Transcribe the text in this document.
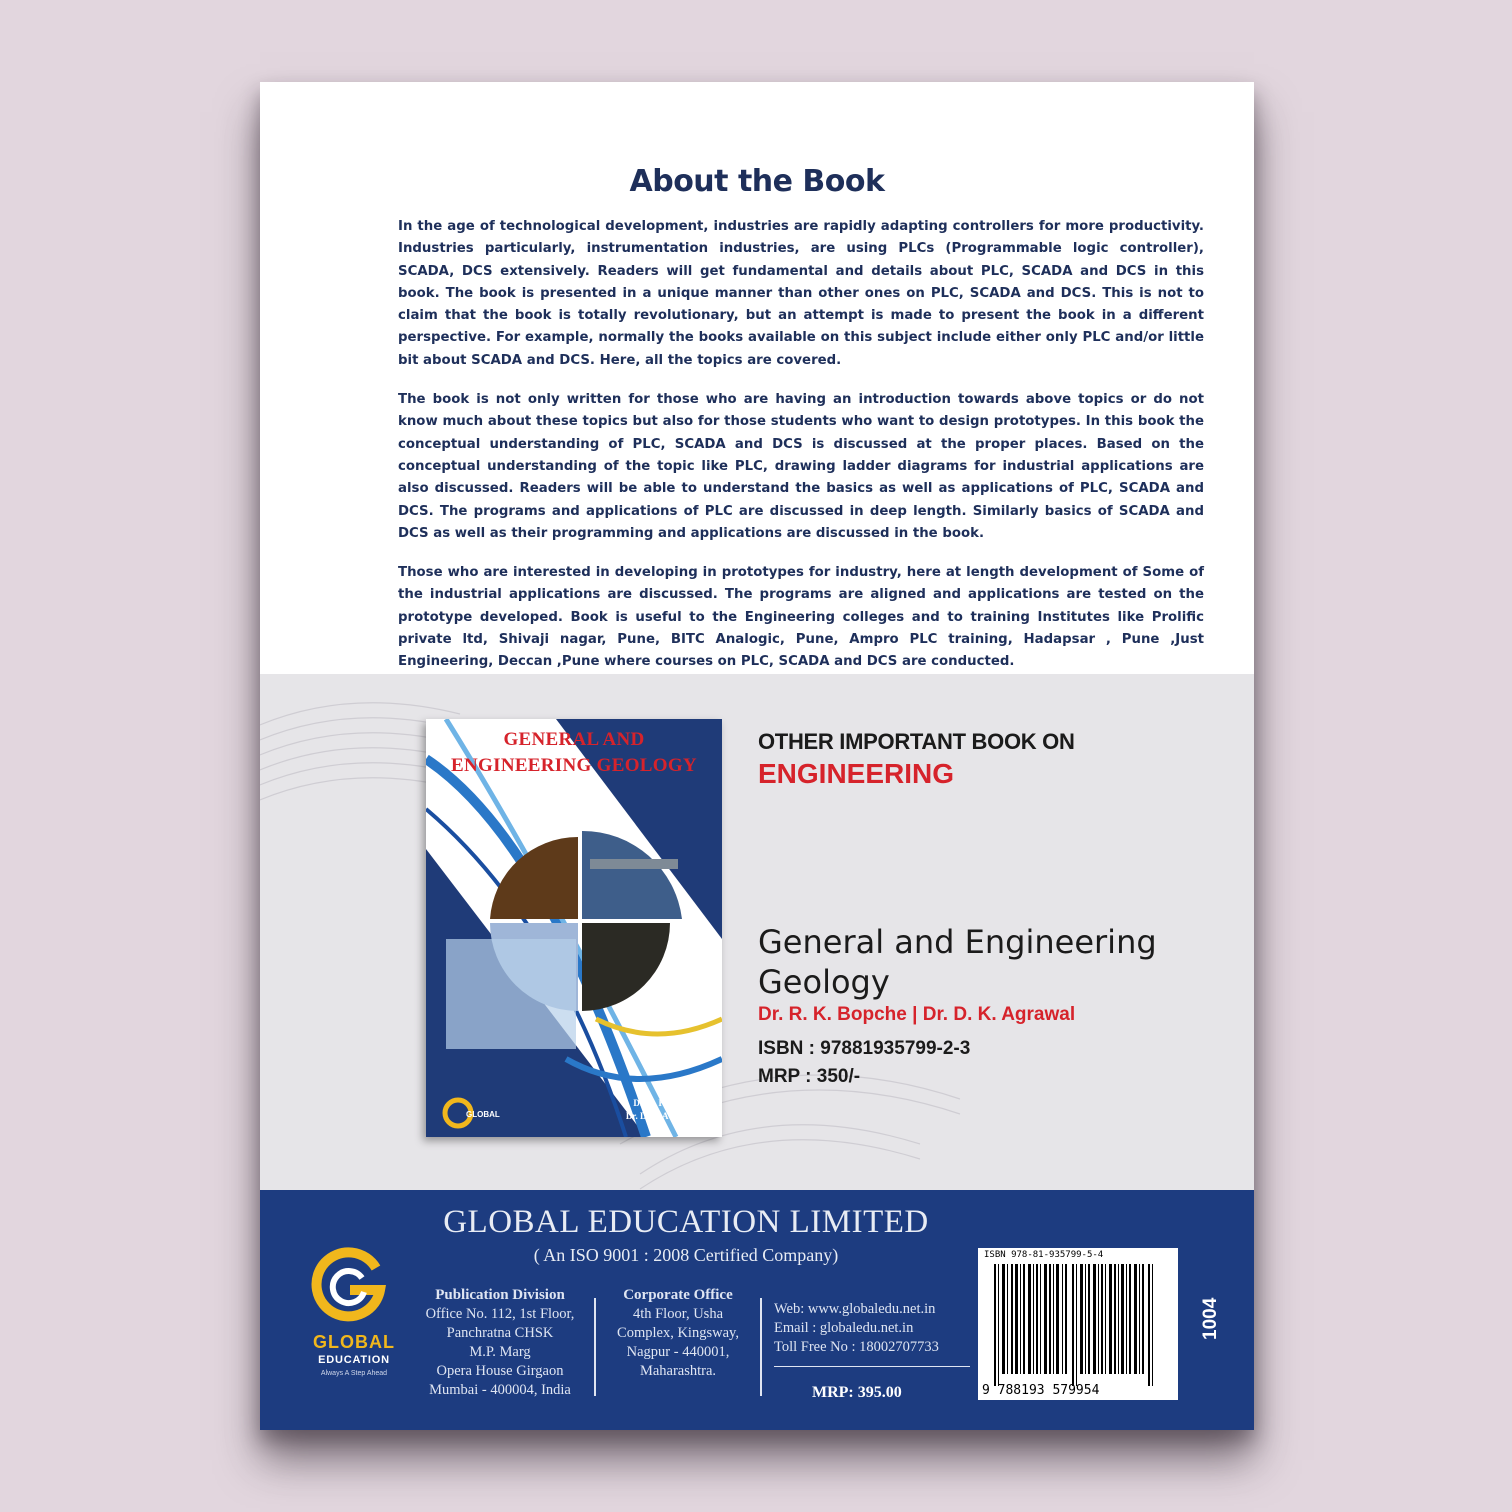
About the Book

In the age of technological development, industries are rapidly adapting controllers for more productivity. Industries particularly, instrumentation industries, are using PLCs (Programmable logic controller), SCADA, DCS extensively. Readers will get fundamental and details about PLC, SCADA and DCS in this book. The book is presented in a unique manner than other ones on PLC, SCADA and DCS. This is not to claim that the book is totally revolutionary, but an attempt is made to present the book in a different perspective. For example, normally the books available on this subject include either only PLC and/or little bit about SCADA and DCS. Here, all the topics are covered.

The book is not only written for those who are having an introduction towards above topics or do not know much about these topics but also for those students who want to design prototypes. In this book the conceptual understanding of PLC, SCADA and DCS is discussed at the proper places. Based on the conceptual understanding of the topic like PLC, drawing ladder diagrams for industrial applications are also discussed. Readers will be able to understand the basics as well as applications of PLC, SCADA and DCS. The programs and applications of PLC are discussed in deep length. Similarly basics of SCADA and DCS as well as their programming and applications are discussed in the book.

Those who are interested in developing in prototypes for industry, here at length development of Some of the industrial applications are discussed. The programs are aligned and applications are tested on the prototype developed. Book is useful to the Engineering colleges and to training Institutes like Prolific private ltd, Shivaji nagar, Pune, BITC Analogic, Pune, Ampro PLC training, Hadapsar , Pune ,Just Engineering, Deccan ,Pune where courses on PLC, SCADA and DCS are conducted.

GENERAL AND
ENGINEERING GEOLOGY
GLOBAL
Dr. R. K. BOPCHE
Dr. D. K. AGRAWAL
OTHER IMPORTANT BOOK ON
ENGINEERING
General and Engineering Geology
Dr. R. K. Bopche | Dr. D. K. Agrawal
ISBN : 97881935799-2-3
MRP : 350/-
GLOBAL EDUCATION LIMITED
( An ISO 9001 : 2008 Certified Company)
GLOBAL
EDUCATION
Always A Step Ahead
Publication Division
Office No. 112, 1st Floor,
Panchratna CHSK
M.P. Marg
Opera House Girgaon
Mumbai - 400004, India
Corporate Office
4th Floor, Usha
Complex, Kingsway,
Nagpur - 440001,
Maharashtra.
Web: www.globaledu.net.in
Email : globaledu.net.in
Toll Free No : 18002707733
MRP: 395.00
ISBN 978-81-935799-5-4
9 788193 579954
1004
